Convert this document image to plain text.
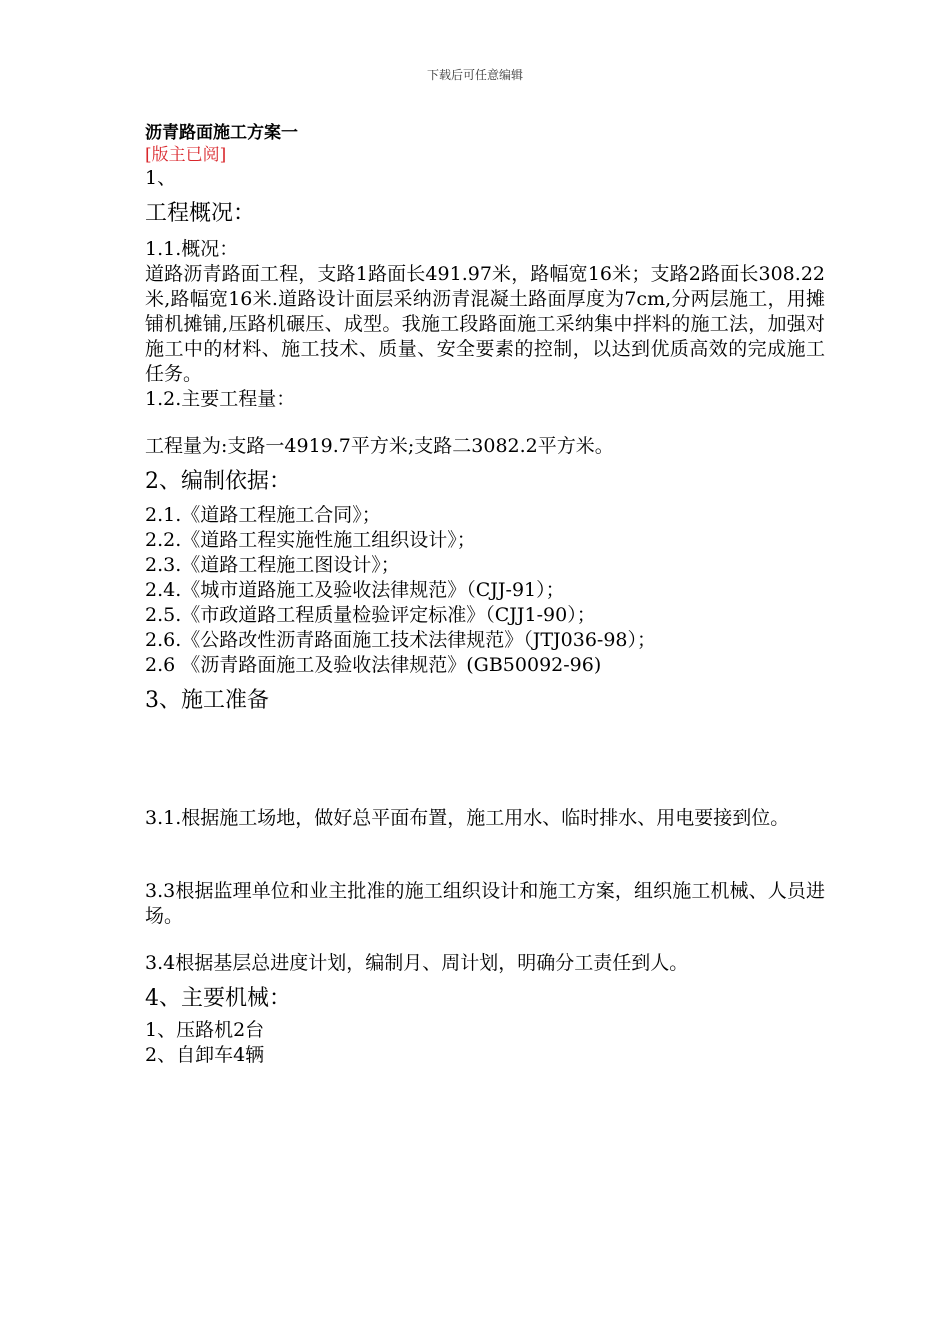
下载后可任意编辑

沥青路面施工方案一

[版主已阅]

1、

工程概况：

1.1.概况：

道路沥青路面工程，支路1路面长491.97米，路幅宽16米；支路2路面长308.22米,路幅宽16米.道路设计面层采纳沥青混凝土路面厚度为7cm,分两层施工，用摊铺机摊铺,压路机碾压、成型。我施工段路面施工采纳集中拌料的施工法，加强对施工中的材料、施工技术、质量、安全要素的控制，以达到优质高效的完成施工任务。

1.2.主要工程量：

工程量为:支路一4919.7平方米;支路二3082.2平方米。

2、编制依据：

2.1.《道路工程施工合同》；
2.2.《道路工程实施性施工组织设计》；
2.3.《道路工程施工图设计》；
2.4.《城市道路施工及验收法律规范》（CJJ-91）；
2.5.《市政道路工程质量检验评定标准》（CJJ1-90）；
2.6.《公路改性沥青路面施工技术法律规范》（JTJ036-98）；
2.6 《沥青路面施工及验收法律规范》(GB50092-96)

3、施工准备

3.1.根据施工场地，做好总平面布置，施工用水、临时排水、用电要接到位。

3.3根据监理单位和业主批准的施工组织设计和施工方案，组织施工机械、人员进场。

3.4根据基层总进度计划，编制月、周计划，明确分工责任到人。

4、主要机械：

1、压路机2台

2、自卸车4辆
